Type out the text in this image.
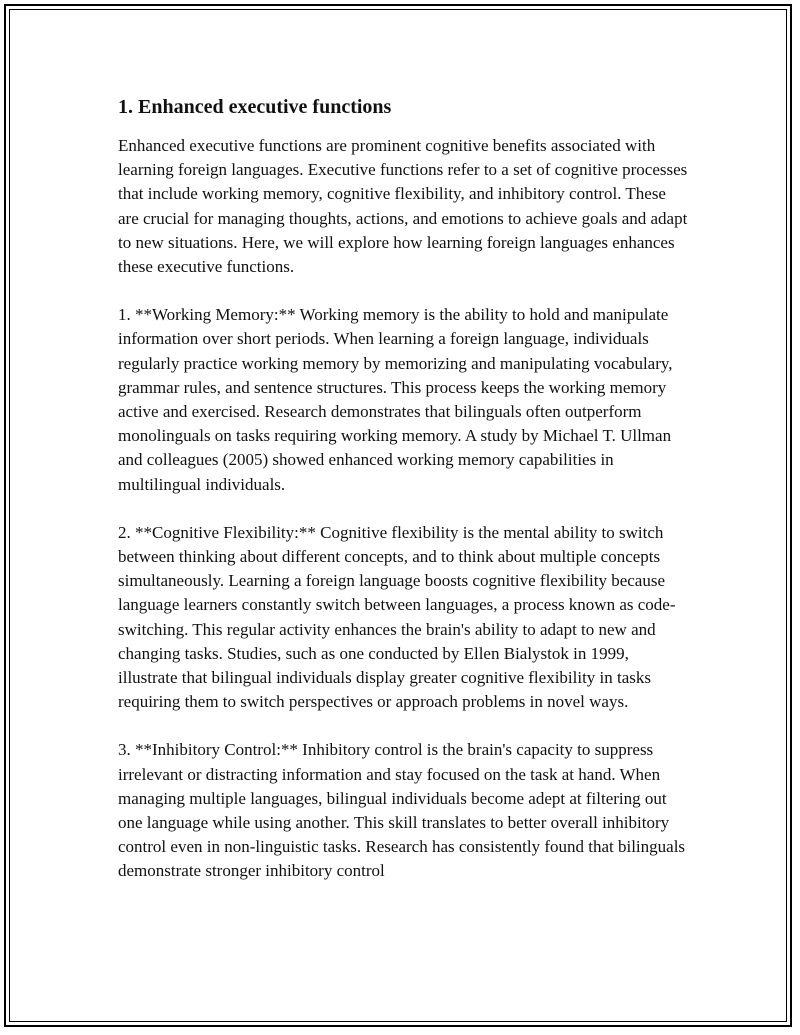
1. Enhanced executive functions

Enhanced executive functions are prominent cognitive benefits associated with learning foreign languages. Executive functions refer to a set of cognitive processes that include working memory, cognitive flexibility, and inhibitory control. These are crucial for managing thoughts, actions, and emotions to achieve goals and adapt to new situations. Here, we will explore how learning foreign languages enhances these executive functions.

1. **Working Memory:** Working memory is the ability to hold and manipulate information over short periods. When learning a foreign language, individuals regularly practice working memory by memorizing and manipulating vocabulary, grammar rules, and sentence structures. This process keeps the working memory active and exercised. Research demonstrates that bilinguals often outperform monolinguals on tasks requiring working memory. A study by Michael T. Ullman and colleagues (2005) showed enhanced working memory capabilities in multilingual individuals.

2. **Cognitive Flexibility:** Cognitive flexibility is the mental ability to switch between thinking about different concepts, and to think about multiple concepts simultaneously. Learning a foreign language boosts cognitive flexibility because language learners constantly switch between languages, a process known as code-switching. This regular activity enhances the brain's ability to adapt to new and changing tasks. Studies, such as one conducted by Ellen Bialystok in 1999, illustrate that bilingual individuals display greater cognitive flexibility in tasks requiring them to switch perspectives or approach problems in novel ways.

3. **Inhibitory Control:** Inhibitory control is the brain's capacity to suppress irrelevant or distracting information and stay focused on the task at hand. When managing multiple languages, bilingual individuals become adept at filtering out one language while using another. This skill translates to better overall inhibitory control even in non-linguistic tasks. Research has consistently found that bilinguals demonstrate stronger inhibitory control
